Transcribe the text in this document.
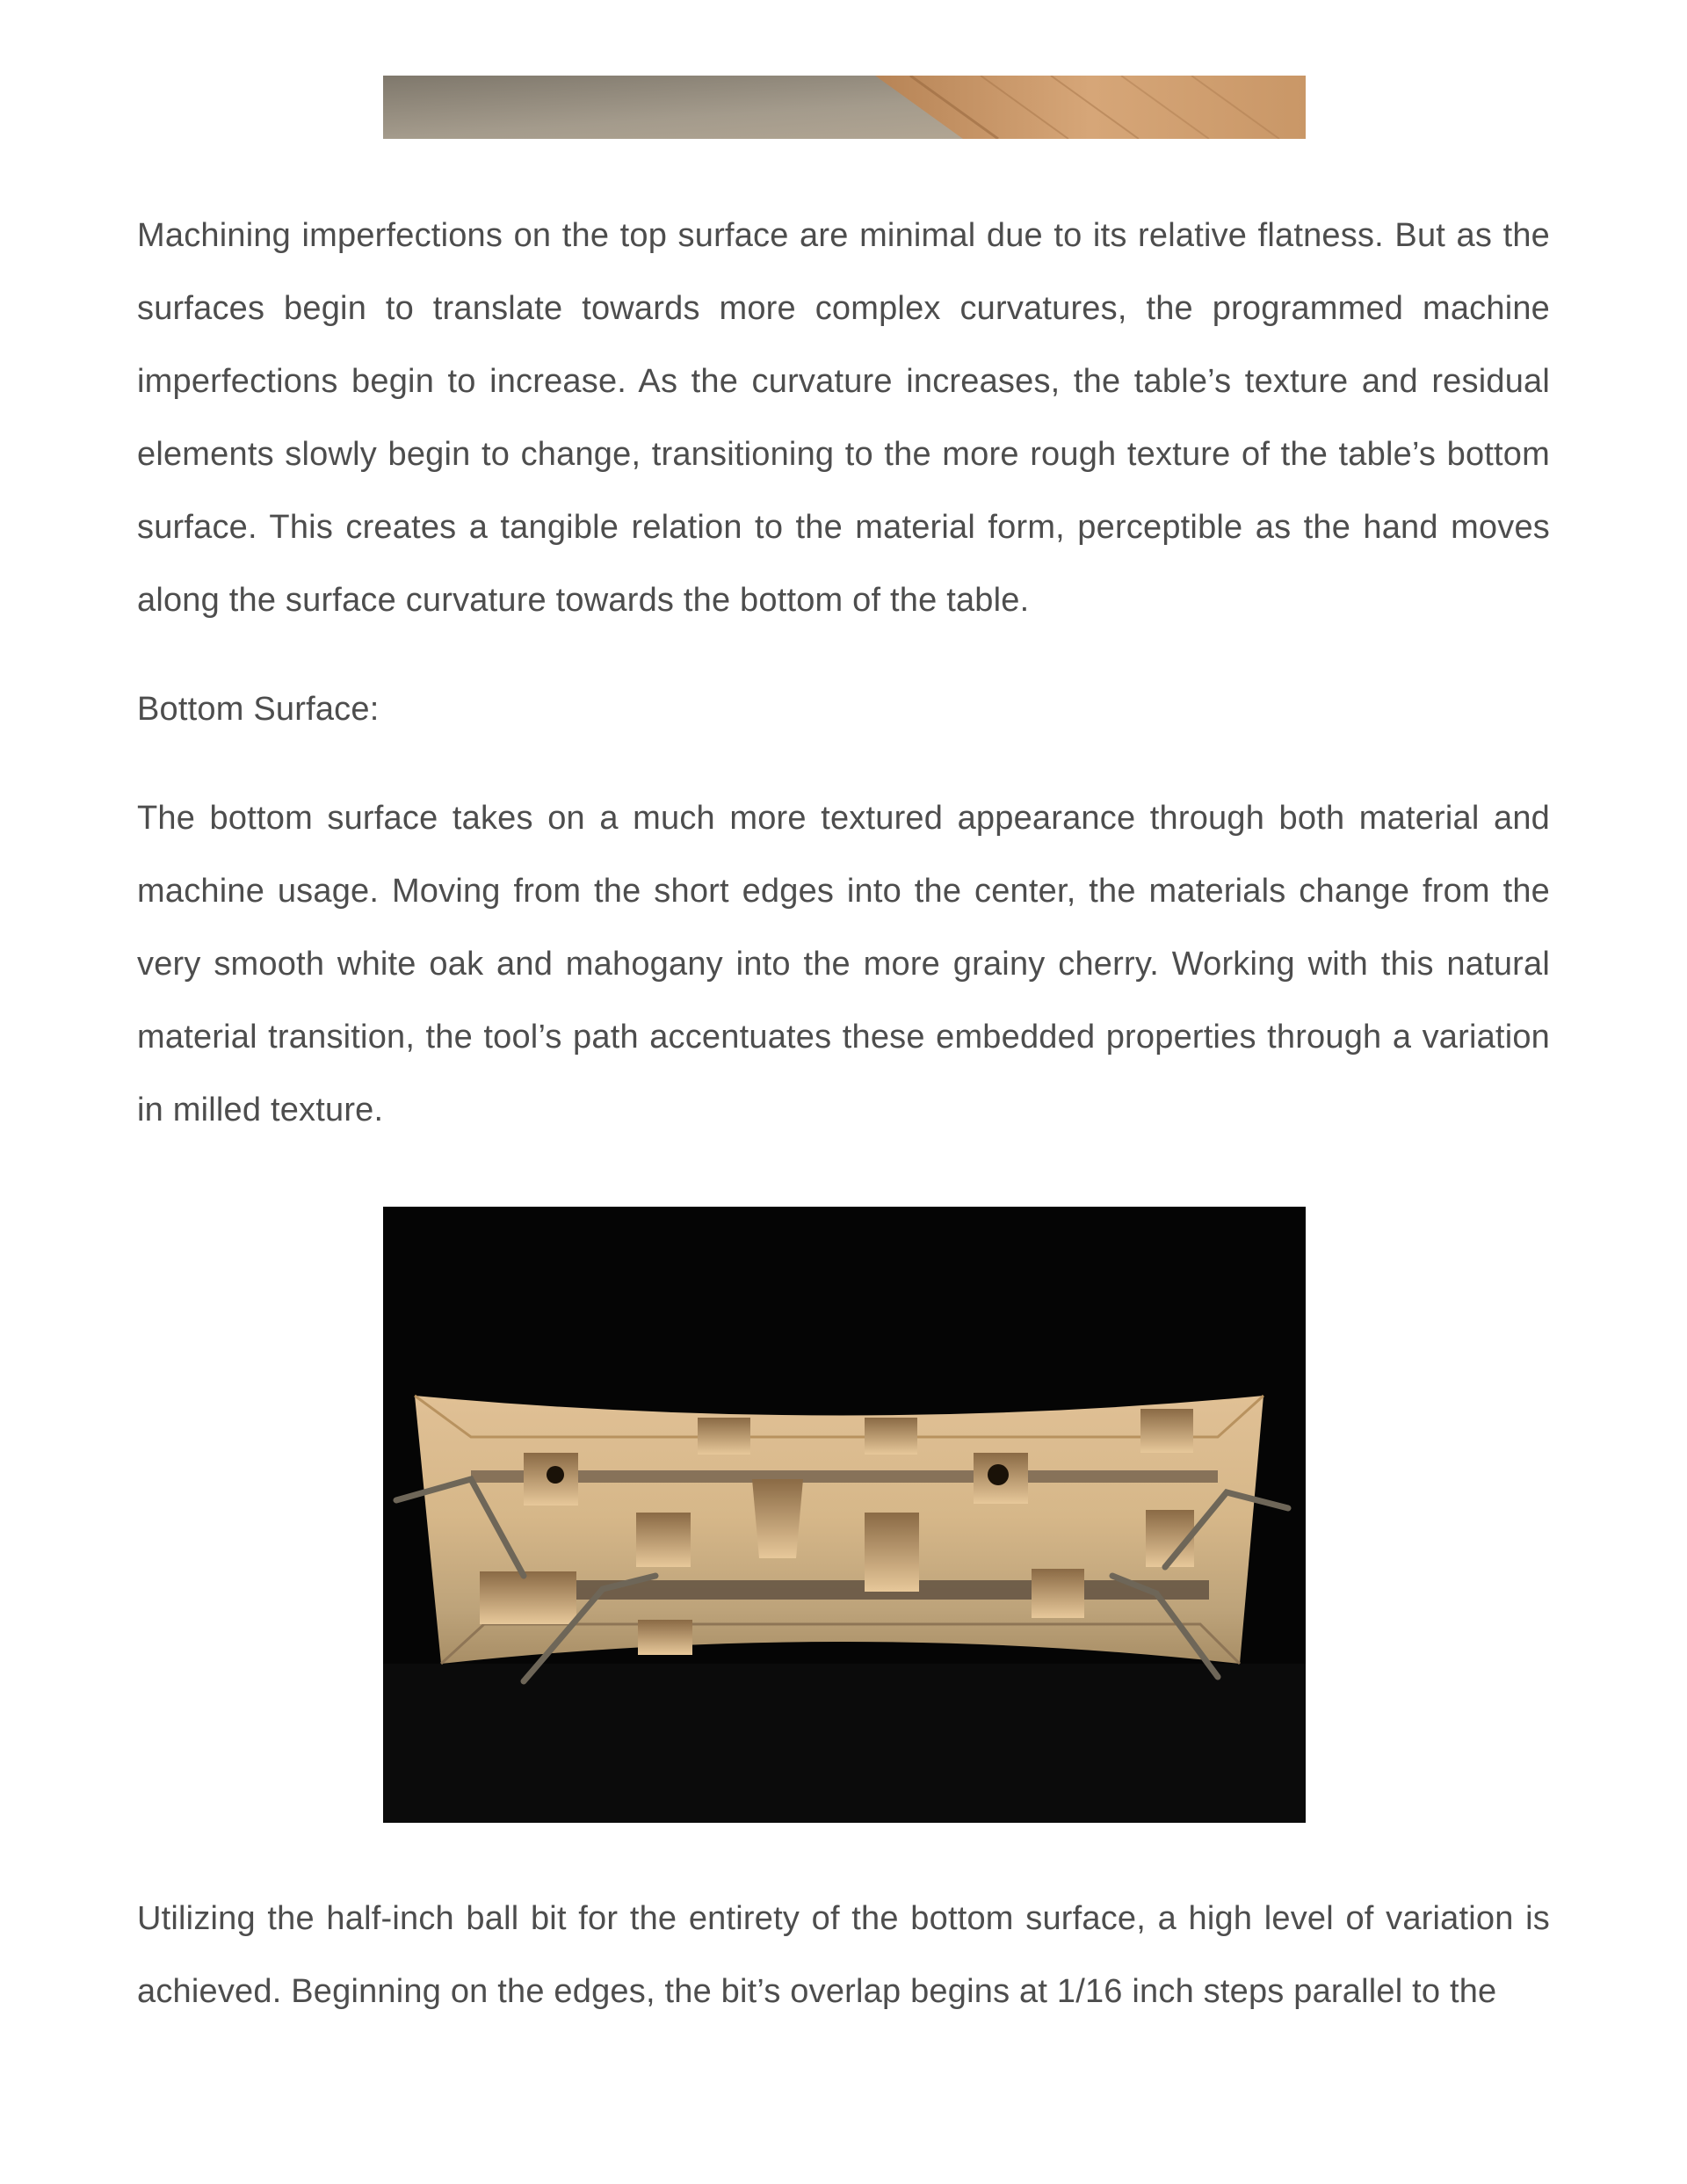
Machining imperfections on the top surface are minimal due to its relative flatness. But as the surfaces begin to translate towards more complex curvatures, the programmed machine imperfections begin to increase. As the curvature increases, the table’s texture and residual elements slowly begin to change, transitioning to the more rough texture of the table’s bottom surface. This creates a tangible relation to the material form, perceptible as the hand moves along the surface curvature towards the bottom of the table.

Bottom Surface:

The bottom surface takes on a much more textured appearance through both material and machine usage. Moving from the short edges into the center, the materials change from the very smooth white oak and mahogany into the more grainy cherry. Working with this natural material transition, the tool’s path accentuates these embedded properties through a variation in milled texture.

Utilizing the half-inch ball bit for the entirety of the bottom surface, a high level of variation is achieved. Beginning on the edges, the bit’s overlap begins at 1/16 inch steps parallel to the
